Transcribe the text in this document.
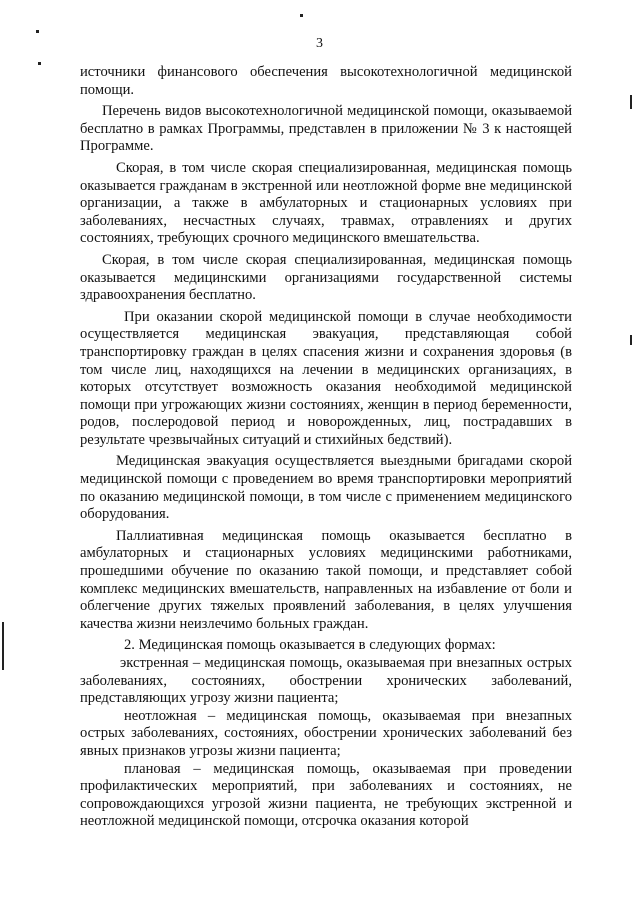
3

источники финансового обеспечения высокотехнологичной медицинской помощи.

Перечень видов высокотехнологичной медицинской помощи, оказываемой бесплатно в рамках Программы, представлен в приложении № 3 к настоящей Программе.

Скорая, в том числе скорая специализированная, медицинская помощь оказывается гражданам в экстренной или неотложной форме вне медицинской организации, а также в амбулаторных и стационарных условиях при заболеваниях, несчастных случаях, травмах, отравлениях и других состояниях, требующих срочного медицинского вмешательства.

Скорая, в том числе скорая специализированная, медицинская помощь оказывается медицинскими организациями государственной системы здравоохранения бесплатно.

При оказании скорой медицинской помощи в случае необходимости осуществляется медицинская эвакуация, представляющая собой транспортировку граждан в целях спасения жизни и сохранения здоровья (в том числе лиц, находящихся на лечении в медицинских организациях, в которых отсутствует возможность оказания необходимой медицинской помощи при угрожающих жизни состояниях, женщин в период беременности, родов, послеродовой период и новорожденных, лиц, пострадавших в результате чрезвычайных ситуаций и стихийных бедствий).

Медицинская эвакуация осуществляется выездными бригадами скорой медицинской помощи с проведением во время транспортировки мероприятий по оказанию медицинской помощи, в том числе с применением медицинского оборудования.

Паллиативная медицинская помощь оказывается бесплатно в амбулаторных и стационарных условиях медицинскими работниками, прошедшими обучение по оказанию такой помощи, и представляет собой комплекс медицинских вмешательств, направленных на избавление от боли и облегчение других тяжелых проявлений заболевания, в целях улучшения качества жизни неизлечимо больных граждан.

2. Медицинская помощь оказывается в следующих формах:

экстренная – медицинская помощь, оказываемая при внезапных острых заболеваниях, состояниях, обострении хронических заболеваний, представляющих угрозу жизни пациента;

неотложная – медицинская помощь, оказываемая при внезапных острых заболеваниях, состояниях, обострении хронических заболеваний без явных признаков угрозы жизни пациента;

плановая – медицинская помощь, оказываемая при проведении профилактических мероприятий, при заболеваниях и состояниях, не сопровождающихся угрозой жизни пациента, не требующих экстренной и неотложной медицинской помощи, отсрочка оказания которой
